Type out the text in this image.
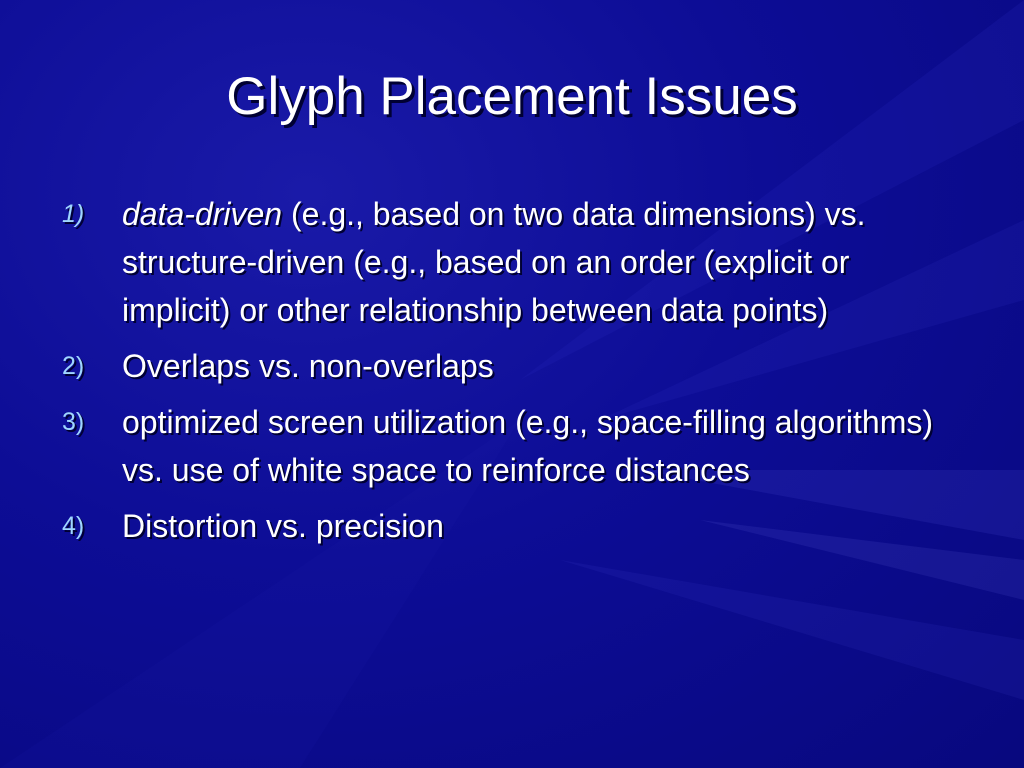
Glyph Placement Issues
1)	data-driven (e.g., based on two data dimensions) vs. structure-driven (e.g., based on an order (explicit or implicit) or other relationship between data points)
2)	Overlaps vs. non-overlaps
3)	optimized screen utilization (e.g., space-filling algorithms) vs. use of white space to reinforce distances
4)	Distortion vs. precision
